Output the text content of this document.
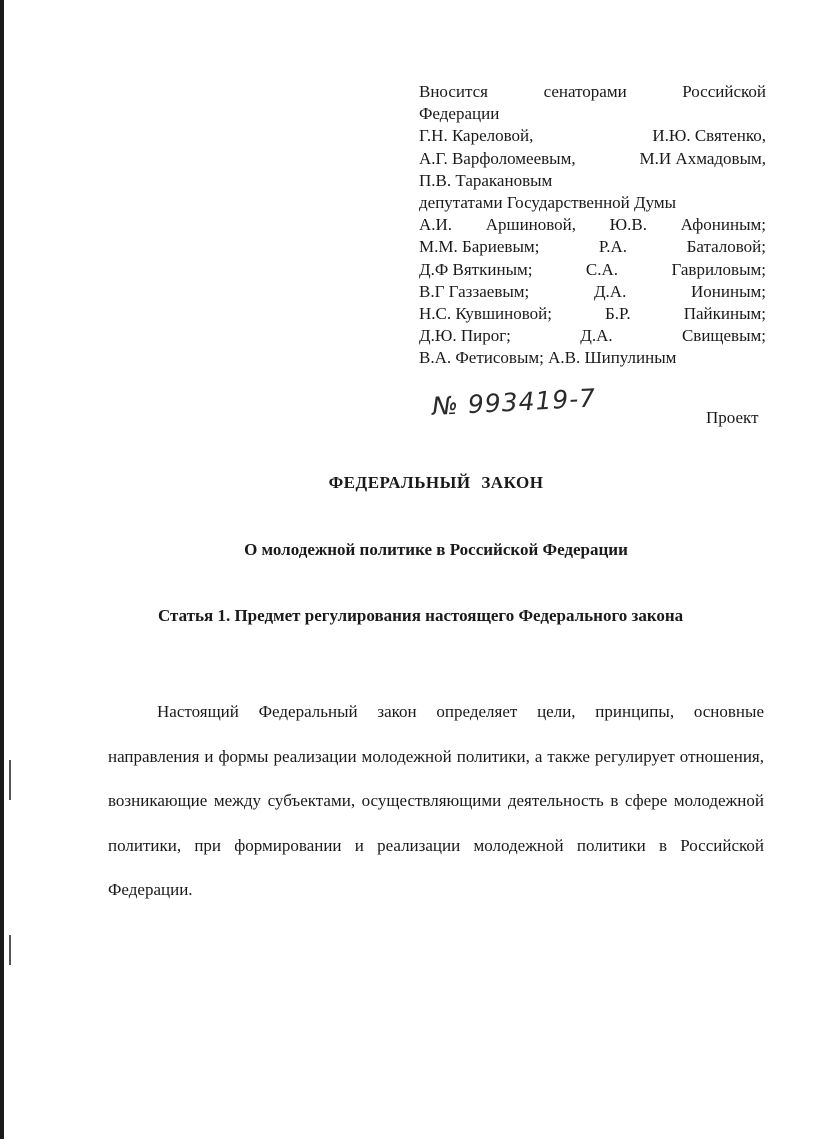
Вносится	сенаторами	Российской
Федерации
Г.Н. Кареловой,	И.Ю. Святенко,
А.Г. Варфоломеевым,	М.И Ахмадовым,
П.В. Таракановым
депутатами Государственной Думы
А.И. Аршиновой, Ю.В. Афониным;
М.М. Бариевым;	Р.А.	Баталовой;
Д.Ф Вяткиным;	С.А.	Гавриловым;
В.Г Газзаевым;	Д.А.	Иониным;
Н.С. Кувшиновой;	Б.Р.	Пайкиным;
Д.Ю. Пирог;	Д.А.	Свищевым;
В.А. Фетисовым; А.В. Шипулиным
№ 993419-7	Проект
ФЕДЕРАЛЬНЫЙ ЗАКОН
О молодежной политике в Российской Федерации
Статья 1. Предмет регулирования настоящего Федерального закона

Настоящий Федеральный закон определяет цели, принципы, основные направления и формы реализации молодежной политики, а также регулирует отношения, возникающие между субъектами, осуществляющими деятельность в сфере молодежной политики, при формировании и реализации молодежной политики в Российской Федерации.
